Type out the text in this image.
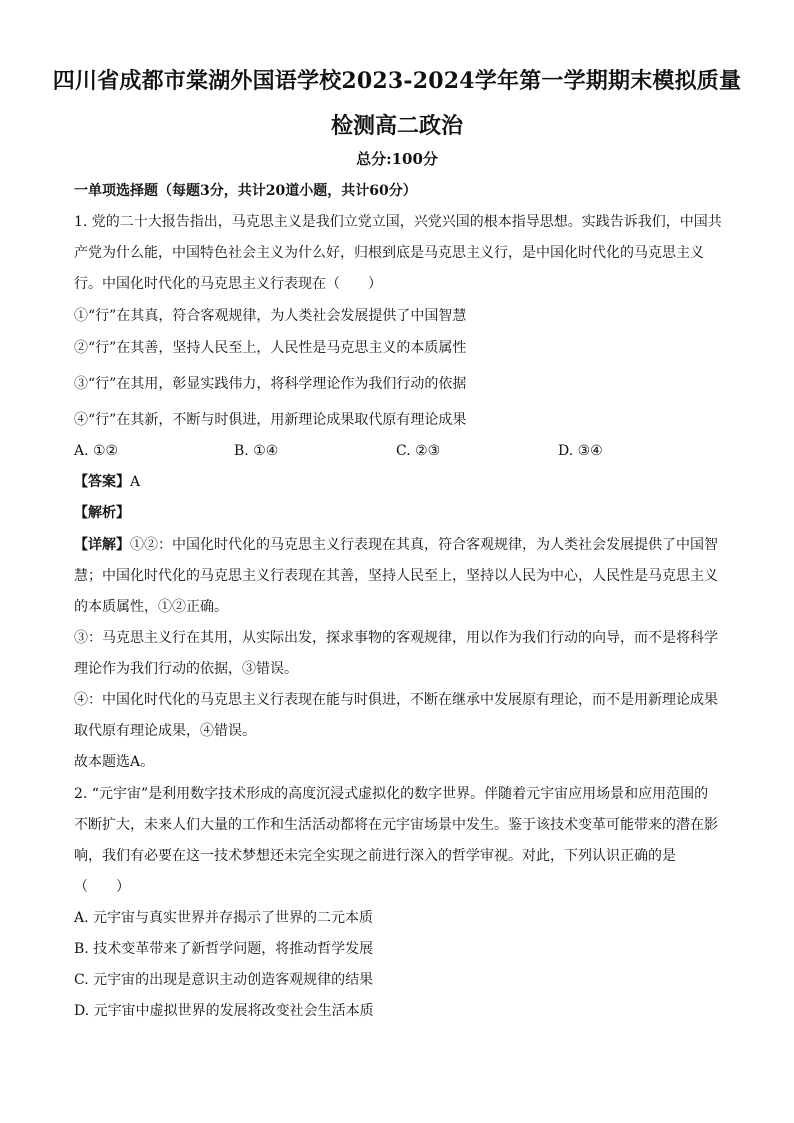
四川省成都市棠湖外国语学校2023-2024学年第一学期期末模拟质量
检测高二政治
总分:100分
一单项选择题（每题3分，共计20道小题，共计60分）
1. 党的二十大报告指出，马克思主义是我们立党立国，兴党兴国的根本指导思想。实践告诉我们，中国共
产党为什么能，中国特色社会主义为什么好，归根到底是马克思主义行，是中国化时代化的马克思主义
行。中国化时代化的马克思主义行表现在（　　）
①“行”在其真，符合客观规律，为人类社会发展提供了中国智慧
②“行”在其善，坚持人民至上，人民性是马克思主义的本质属性
③“行”在其用，彰显实践伟力，将科学理论作为我们行动的依据
④“行”在其新，不断与时俱进，用新理论成果取代原有理论成果
A. ①②	B. ①④	C. ②③	D. ③④
【答案】A
【解析】
【详解】①②：中国化时代化的马克思主义行表现在其真，符合客观规律，为人类社会发展提供了中国智
慧；中国化时代化的马克思主义行表现在其善，坚持人民至上，坚持以人民为中心，人民性是马克思主义
的本质属性，①②正确。
③：马克思主义行在其用，从实际出发，探求事物的客观规律，用以作为我们行动的向导，而不是将科学
理论作为我们行动的依据，③错误。
④：中国化时代化的马克思主义行表现在能与时俱进，不断在继承中发展原有理论，而不是用新理论成果
取代原有理论成果，④错误。
故本题选A。
2. “元宇宙”是利用数字技术形成的高度沉浸式虚拟化的数字世界。伴随着元宇宙应用场景和应用范围的
不断扩大，未来人们大量的工作和生活活动都将在元宇宙场景中发生。鉴于该技术变革可能带来的潜在影
响，我们有必要在这一技术梦想还未完全实现之前进行深入的哲学审视。对此，下列认识正确的是
（　　）
A. 元宇宙与真实世界并存揭示了世界的二元本质
B. 技术变革带来了新哲学问题，将推动哲学发展
C. 元宇宙的出现是意识主动创造客观规律的结果
D. 元宇宙中虚拟世界的发展将改变社会生活本质
